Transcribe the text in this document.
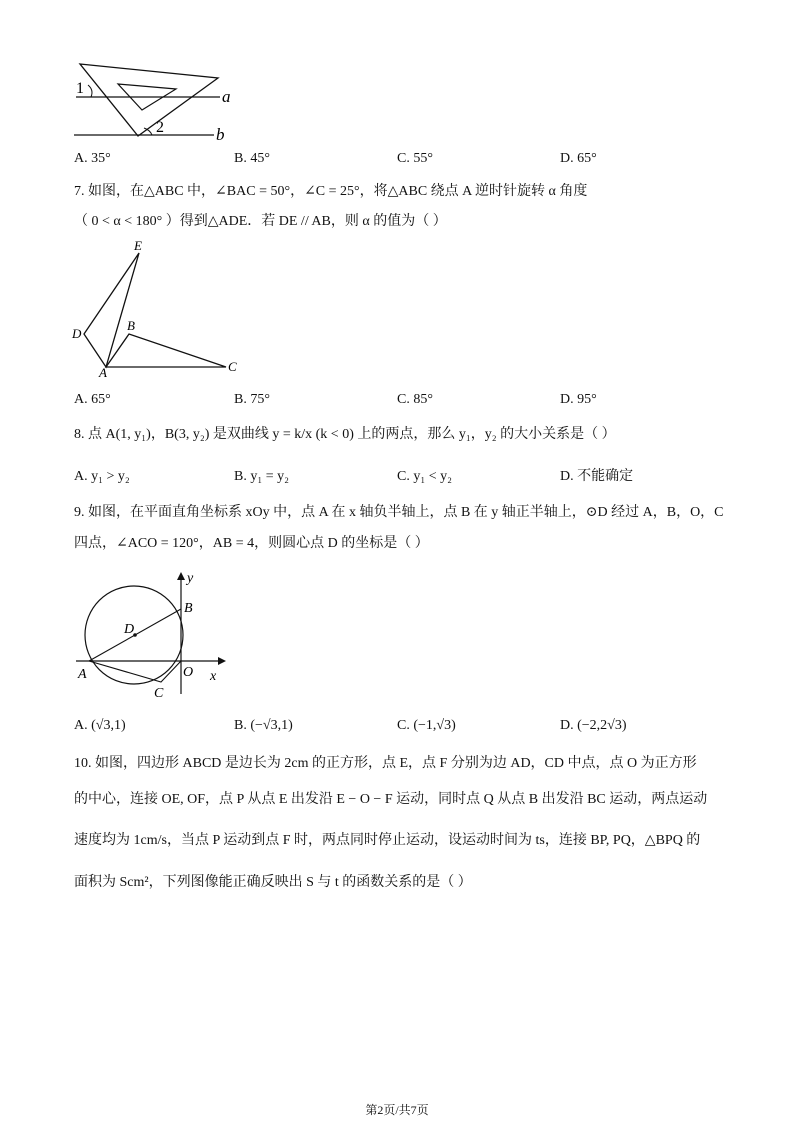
1
2
a
b
A. 35°	B. 45°	C. 55°	D. 65°
7. 如图，在△ABC 中，∠BAC = 50°，∠C = 25°，将△ABC 绕点 A 逆时针旋转 α 角度
（ 0 < α < 180° ）得到△ADE．若 DE // AB，则 α 的值为（ ）
E
D
B
A	C
A. 65°	B. 75°	C. 85°	D. 95°
8. 点 A(1, y₁)，B(3, y₂) 是双曲线 y = k/x (k < 0) 上的两点，那么 y₁，y₂ 的大小关系是（ ）
A. y₁ > y₂	B. y₁ = y₂	C. y₁ < y₂	D. 不能确定
9. 如图，在平面直角坐标系 xOy 中，点 A 在 x 轴负半轴上，点 B 在 y 轴正半轴上，⊙D 经过 A，B，O，C
四点，∠ACO = 120°，AB = 4，则圆心点 D 的坐标是（ ）
y
x
B
D
A	O
C
A. (√3,1)	B. (−√3,1)	C. (−1,√3)	D. (−2,2√3)
10. 如图，四边形 ABCD 是边长为 2cm 的正方形，点 E，点 F 分别为边 AD，CD 中点，点 O 为正方形
的中心，连接 OE, OF，点 P 从点 E 出发沿 E − O − F 运动，同时点 Q 从点 B 出发沿 BC 运动，两点运动
速度均为 1cm/s，当点 P 运动到点 F 时，两点同时停止运动，设运动时间为 ts，连接 BP, PQ，△BPQ 的
面积为 Scm²，下列图像能正确反映出 S 与 t 的函数关系的是（ ）
第2页/共7页
